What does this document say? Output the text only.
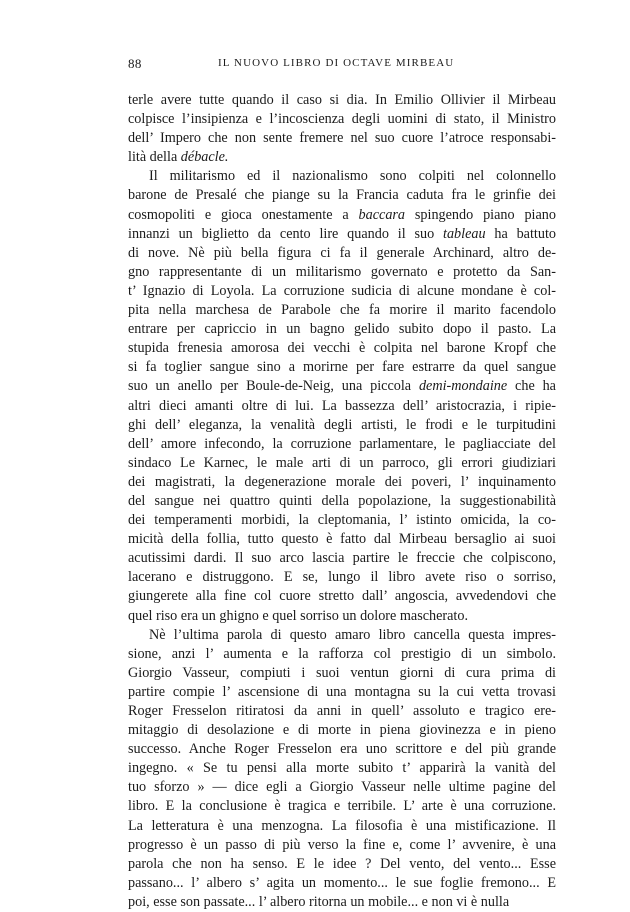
88	IL NUOVO LIBRO DI OCTAVE MIRBEAU
terle avere tutte quando il caso si dia. In Emilio Ollivier il Mirbeau
colpisce l’insipienza e l’incoscienza degli uomini di stato, il Ministro
dell’ Impero che non sente fremere nel suo cuore l’atroce responsabi-
lità della débacle.
Il militarismo ed il nazionalismo sono colpiti nel colonnello
barone de Presalé che piange su la Francia caduta fra le grinfie dei
cosmopoliti e gioca onestamente a baccara spingendo piano piano
innanzi un biglietto da cento lire quando il suo tableau ha battuto
di nove. Nè più bella figura ci fa il generale Archinard, altro de-
gno rappresentante di un militarismo governato e protetto da San-
t’ Ignazio di Loyola. La corruzione sudicia di alcune mondane è col-
pita nella marchesa de Parabole che fa morire il marito facendolo
entrare per capriccio in un bagno gelido subito dopo il pasto. La
stupida frenesia amorosa dei vecchi è colpita nel barone Kropf che
si fa toglier sangue sino a morirne per fare estrarre da quel sangue
suo un anello per Boule-de-Neig, una piccola demi-mondaine che ha
altri dieci amanti oltre di lui. La bassezza dell’ aristocrazia, i ripie-
ghi dell’ eleganza, la venalità degli artisti, le frodi e le turpitudini
dell’ amore infecondo, la corruzione parlamentare, le pagliacciate del
sindaco Le Karnec, le male arti di un parroco, gli errori giudiziari
dei magistrati, la degenerazione morale dei poveri, l’ inquinamento
del sangue nei quattro quinti della popolazione, la suggestionabilità
dei temperamenti morbidi, la cleptomania, l’ istinto omicida, la co-
micità della follia, tutto questo è fatto dal Mirbeau bersaglio ai suoi
acutissimi dardi. Il suo arco lascia partire le freccie che colpiscono,
lacerano e distruggono. E se, lungo il libro avete riso o sorriso,
giungerete alla fine col cuore stretto dall’ angoscia, avvedendovi che
quel riso era un ghigno e quel sorriso un dolore mascherato.
Nè l’ultima parola di questo amaro libro cancella questa impres-
sione, anzi l’ aumenta e la rafforza col prestigio di un simbolo.
Giorgio Vasseur, compiuti i suoi ventun giorni di cura prima di
partire compie l’ ascensione di una montagna su la cui vetta trovasi
Roger Fresselon ritiratosi da anni in quell’ assoluto e tragico ere-
mitaggio di desolazione e di morte in piena giovinezza e in pieno
successo. Anche Roger Fresselon era uno scrittore e del più grande
ingegno. « Se tu pensi alla morte subito t’ apparirà la vanità del
tuo sforzo » — dice egli a Giorgio Vasseur nelle ultime pagine del
libro. E la conclusione è tragica e terribile. L’ arte è una corruzione.
La letteratura è una menzogna. La filosofia è una mistificazione. Il
progresso è un passo di più verso la fine e, come l’ avvenire, è una
parola che non ha senso. E le idee ? Del vento, del vento... Esse
passano... l’ albero s’ agita un momento... le sue foglie fremono... E
poi, esse son passate... l’ albero ritorna un mobile... e non vi è nulla
